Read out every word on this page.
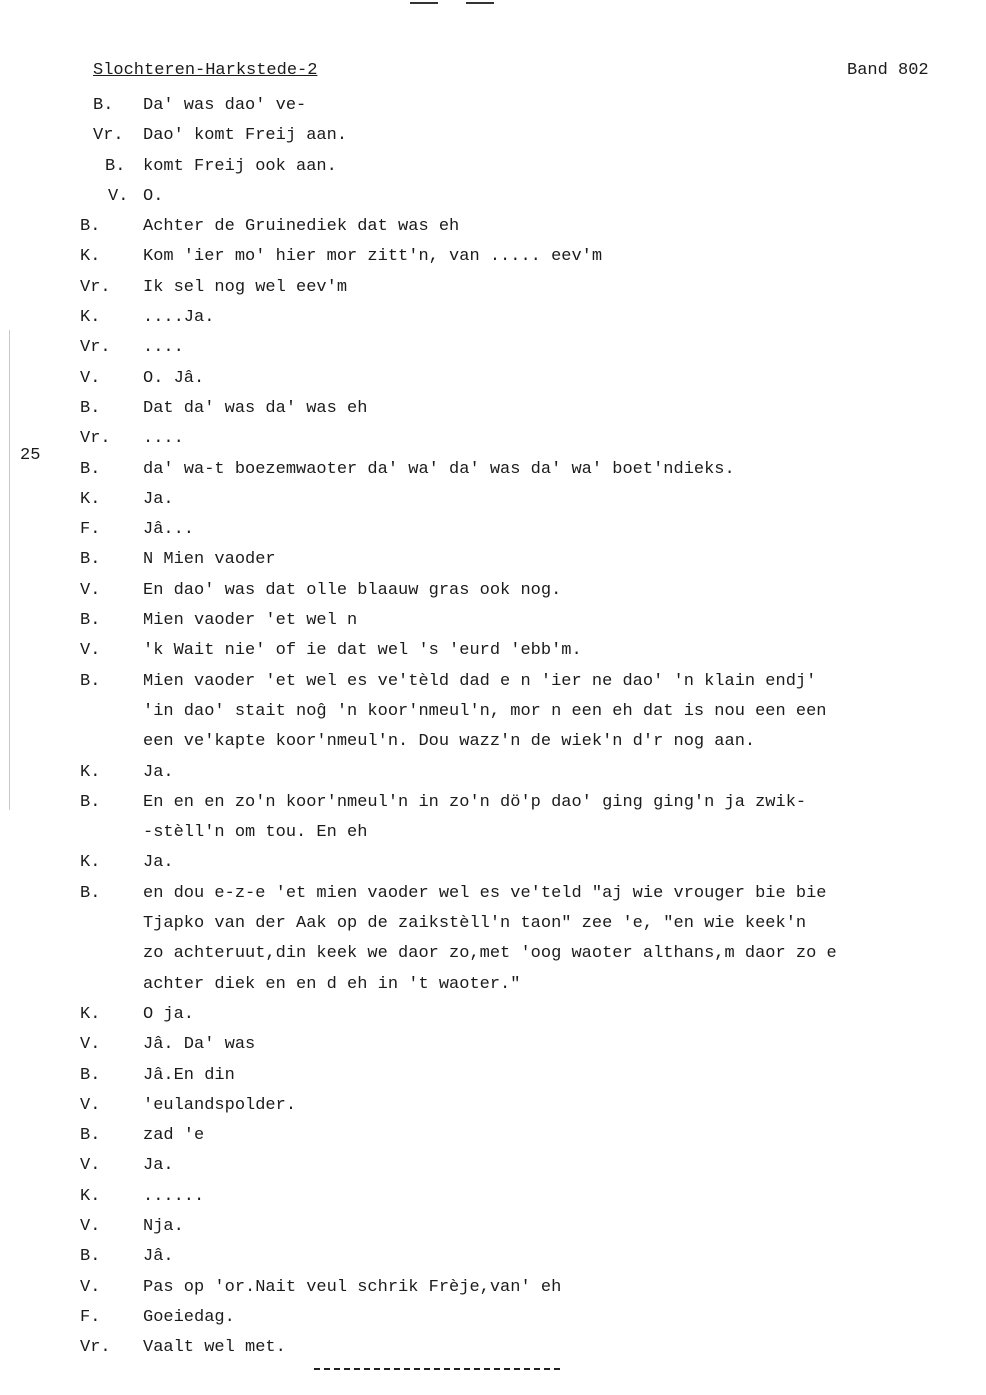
Slochteren-Harkstede-2	Band 802
25
B. Da' was dao' ve-
Vr. Dao' komt Freij aan.
B. komt Freij ook aan.
V. O.
B.	Achter de Gruinediek dat was eh
K.	Kom 'ier mo' hier mor zitt'n, van ..... eev'm
Vr. Ik sel nog wel eev'm
K.	....Ja.
Vr. ....
V.	O. Jâ.
B.	Dat da' was da' was eh
Vr. ....
B.	da' wa-t boezemwaoter da' wa' da' was da' wa' boet'ndieks.
K.	Ja.
F.	Jâ...
B.	N Mien vaoder
V.	En dao' was dat olle blaauw gras ook nog.
B.	Mien vaoder 'et wel n
V.	'k Wait nie' of ie dat wel 's 'eurd 'ebb'm.
B.	Mien vaoder 'et wel es ve'tèld dad e n 'ier ne dao' 'n klain endj'
'in dao' stait noĝ 'n koor'nmeul'n, mor n een eh dat is nou een een
een ve'kapte koor'nmeul'n. Dou wazz'n de wiek'n d'r nog aan.
K.	Ja.
B.	En en en zo'n koor'nmeul'n in zo'n dö'p dao' ging ging'n ja zwik-
-stèll'n om tou. En eh
K.	Ja.
B.	en dou e-z-e 'et mien vaoder wel es ve'teld "aj wie vrouger bie bie
Tjapko van der Aak op de zaikstèll'n taon" zee 'e, "en wie keek'n
zo achteruut,din keek we daor zo,met 'oog waoter althans,m daor zo e
achter diek en en d eh in 't waoter."
K.	O ja.
V.	Jâ. Da' was
B.	Jâ.En din
V.	'eulandspolder.
B.	zad 'e
V.	Ja.
K.	......
V.	Nja.
B.	Jâ.
V.	Pas op 'or.Nait veul schrik Frèje,van' eh
F.	Goeiedag.
Vr. Vaalt wel met.
